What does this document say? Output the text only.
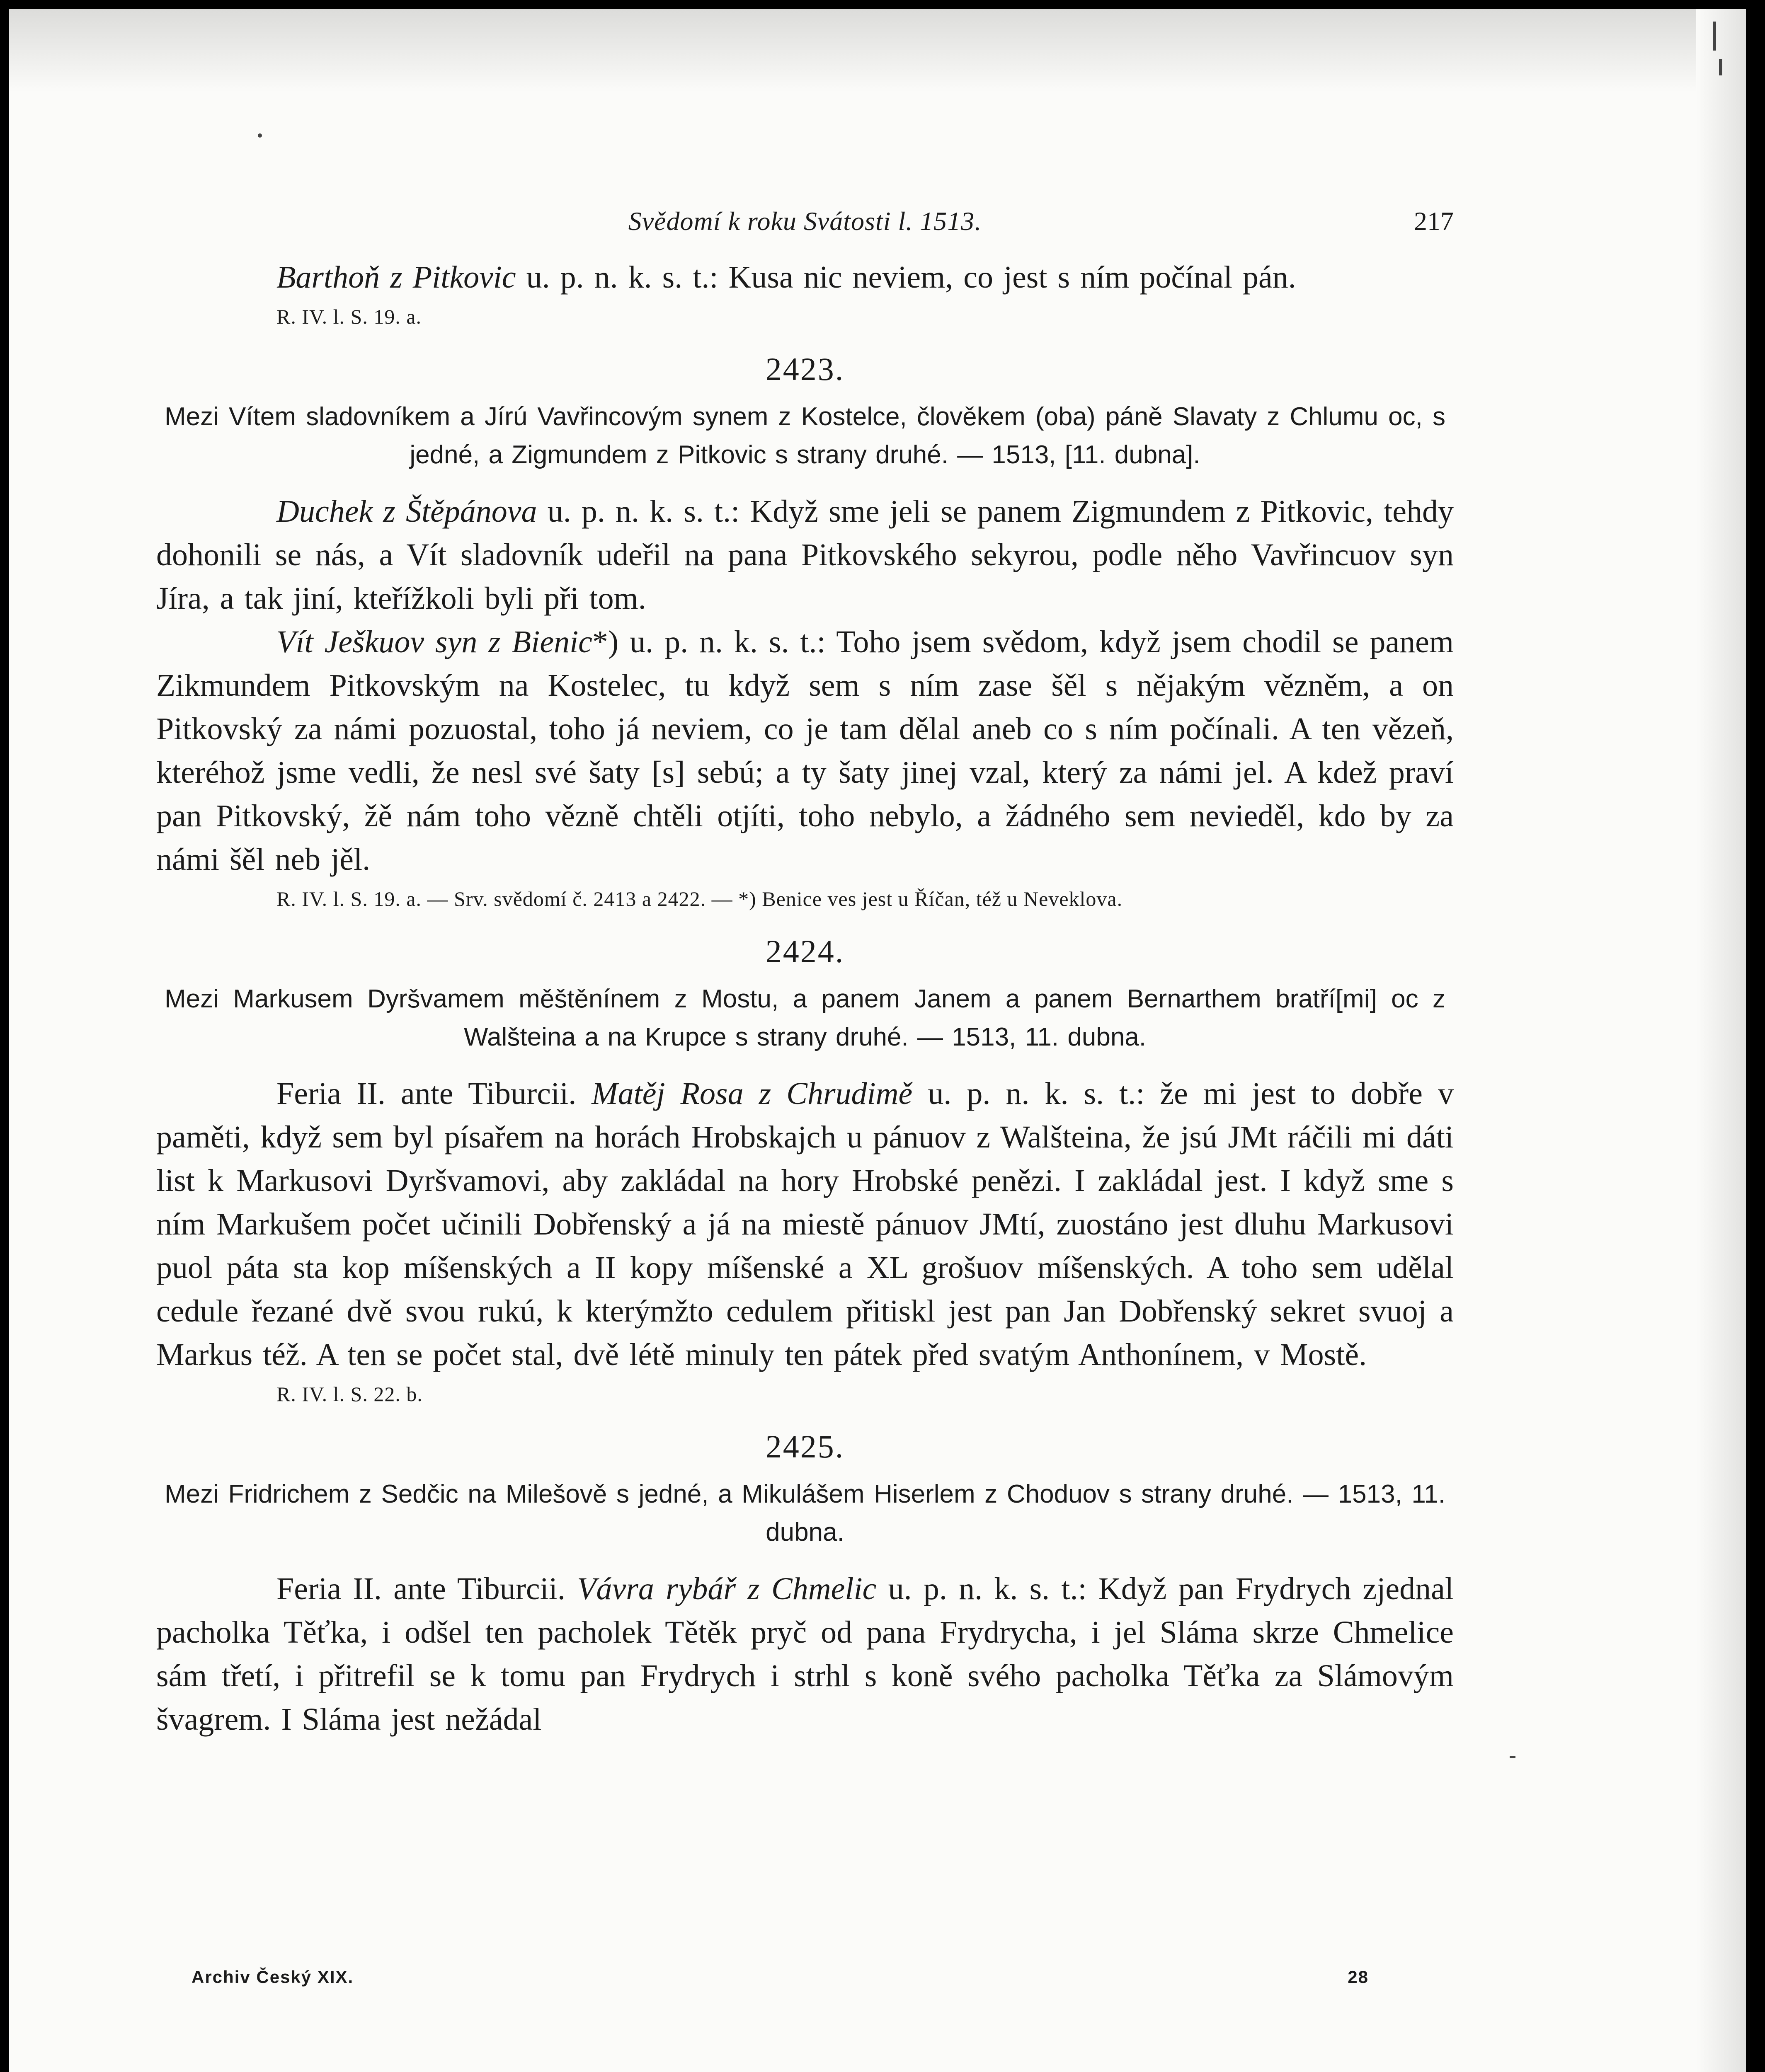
Svědomí k roku Svátosti l. 1513.	217

Barthoň z Pitkovic u. p. n. k. s. t.: Kusa nic neviem, co jest s ním počínal pán.

R. IV. l. S. 19. a.

2423.

Mezi Vítem sladovníkem a Jírú Vavřincovým synem z Kostelce, člověkem (oba) páně Slavaty z Chlumu oc, s jedné, a Zigmundem z Pitkovic s strany druhé. — 1513, [11. dubna].

Duchek z Štěpánova u. p. n. k. s. t.: Když sme jeli se panem Zigmundem z Pitkovic, tehdy dohonili se nás, a Vít sladovník udeřil na pana Pitkovského sekyrou, podle něho Vavřincuov syn Jíra, a tak jiní, kteřížkoli byli při tom.

Vít Ješkuov syn z Bienic*) u. p. n. k. s. t.: Toho jsem svědom, když jsem chodil se panem Zikmundem Pitkovským na Kostelec, tu když sem s ním zase šěl s nějakým vězněm, a on Pitkovský za námi pozuostal, toho já neviem, co je tam dělal aneb co s ním počínali. A ten vězeň, kteréhož jsme vedli, že nesl své šaty [s] sebú; a ty šaty jinej vzal, který za námi jel. A kdež praví pan Pitkovský, žě nám toho vězně chtěli otjíti, toho nebylo, a žádného sem nevieděl, kdo by za námi šěl neb jěl.

R. IV. l. S. 19. a. — Srv. svědomí č. 2413 a 2422. — *) Benice ves jest u Říčan, též u Neveklova.

2424.

Mezi Markusem Dyršvamem měštěnínem z Mostu, a panem Janem a panem Bernarthem bratří[mi] oc z Walšteina a na Krupce s strany druhé. — 1513, 11. dubna.

Feria II. ante Tiburcii. Matěj Rosa z Chrudimě u. p. n. k. s. t.: že mi jest to dobře v paměti, když sem byl písařem na horách Hrobskajch u pánuov z Walšteina, že jsú JMt ráčili mi dáti list k Markusovi Dyršvamovi, aby zakládal na hory Hrobské penězi. I zakládal jest. I když sme s ním Markušem počet učinili Dobřenský a já na miestě pánuov JMtí, zuostáno jest dluhu Markusovi puol páta sta kop míšenských a II kopy míšenské a XL grošuov míšenských. A toho sem udělal cedule řezané dvě svou rukú, k kterýmžto cedulem přitiskl jest pan Jan Dobřenský sekret svuoj a Markus též. A ten se počet stal, dvě létě minuly ten pátek před svatým Anthonínem, v Mostě.

R. IV. l. S. 22. b.

2425.

Mezi Fridrichem z Sedčic na Milešově s jedné, a Mikulášem Hiserlem z Choduov s strany druhé. — 1513, 11. dubna.

Feria II. ante Tiburcii. Vávra rybář z Chmelic u. p. n. k. s. t.: Když pan Frydrych zjednal pacholka Těťka, i odšel ten pacholek Tětěk pryč od pana Frydrycha, i jel Sláma skrze Chmelice sám třetí, i přitrefil se k tomu pan Frydrych i strhl s koně svého pacholka Těťka za Slámovým švagrem. I Sláma jest nežádal

Archiv Český XIX.	28
